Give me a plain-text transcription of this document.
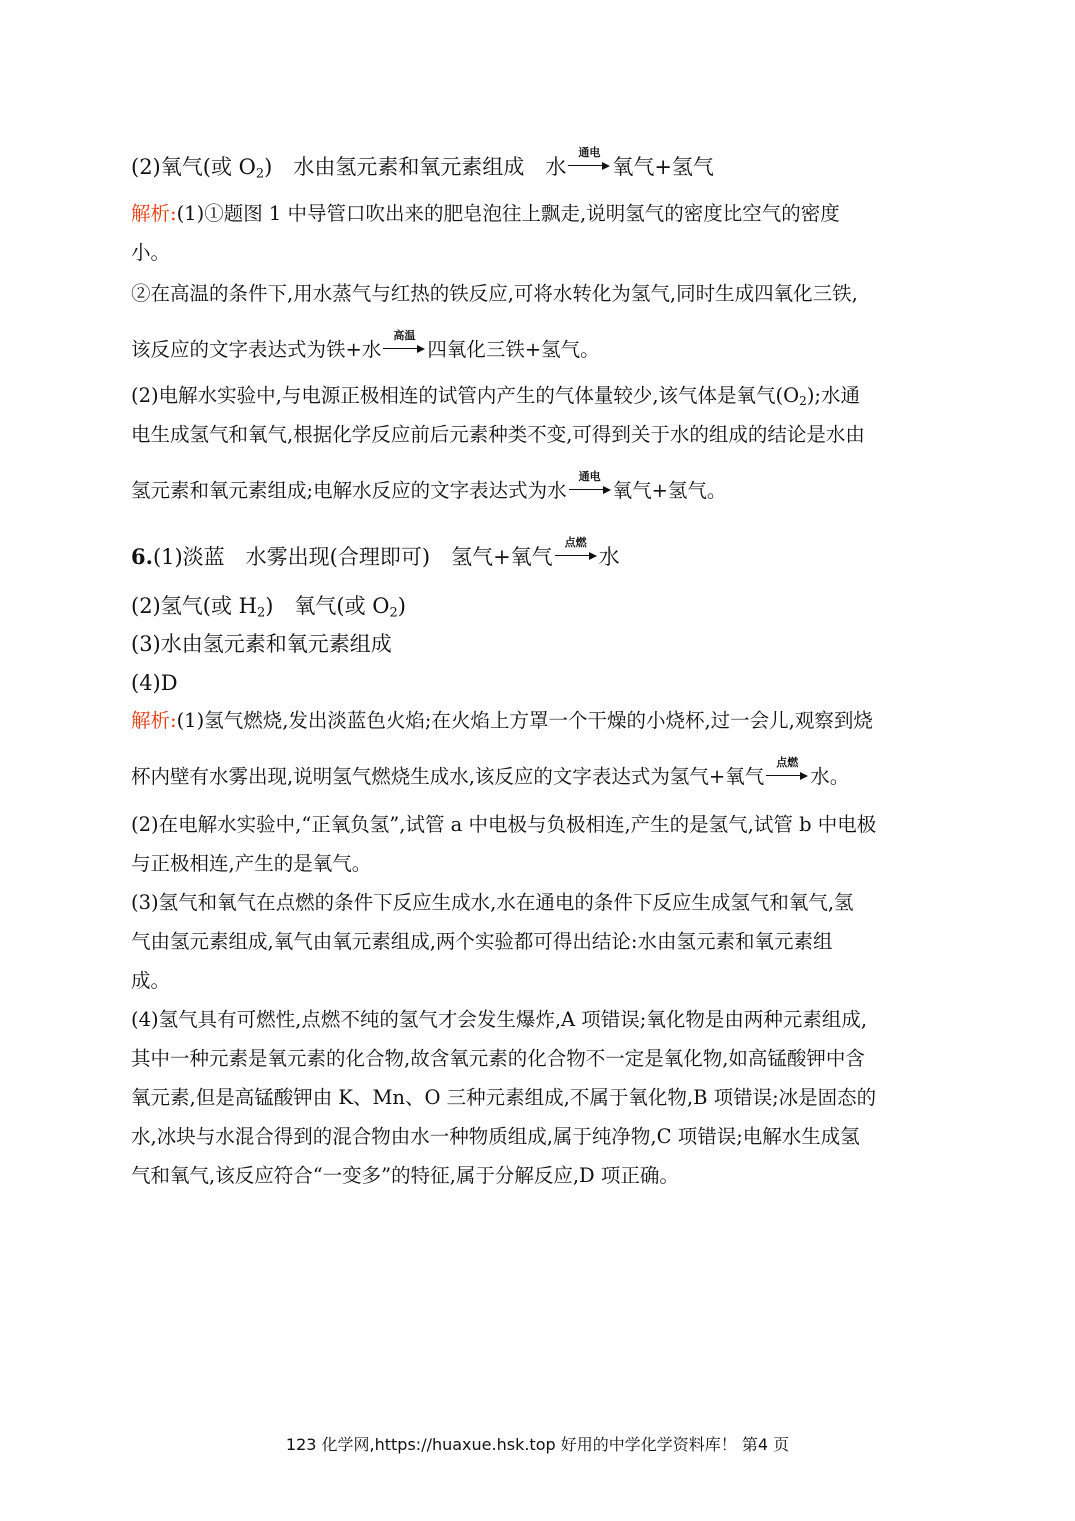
(2)氧气(或 $O_2$)　水由氢元素和氧元素组成　水
通电
氧气+氢气
解析:(1)①题图 1 中导管口吹出来的肥皂泡往上飘走,说明氢气的密度比空气的密度
小。
②在高温的条件下,用水蒸气与红热的铁反应,可将水转化为氢气,同时生成四氧化三铁,
该反应的文字表达式为铁+水
高温
四氧化三铁+氢气。
(2)电解水实验中,与电源正极相连的试管内产生的气体量较少,该气体是氧气$(O_2)$;水通
电生成氢气和氧气,根据化学反应前后元素种类不变,可得到关于水的组成的结论是水由
氢元素和氧元素组成;电解水反应的文字表达式为水
通电
氧气+氢气。
6.(1)淡蓝　水雾出现(合理即可)　氢气+氧气
点燃
水
(2)氢气(或 $H_2$)　氧气(或 $O_2$)
(3)水由氢元素和氧元素组成
(4)D
解析:(1)氢气燃烧,发出淡蓝色火焰;在火焰上方罩一个干燥的小烧杯,过一会儿,观察到烧
杯内壁有水雾出现,说明氢气燃烧生成水,该反应的文字表达式为氢气+氧气
点燃
水。
(2)在电解水实验中,“正氧负氢”,试管 a 中电极与负极相连,产生的是氢气,试管 b 中电极
与正极相连,产生的是氧气。
(3)氢气和氧气在点燃的条件下反应生成水,水在通电的条件下反应生成氢气和氧气,氢
气由氢元素组成,氧气由氧元素组成,两个实验都可得出结论:水由氢元素和氧元素组
成。
(4)氢气具有可燃性,点燃不纯的氢气才会发生爆炸,A 项错误;氧化物是由两种元素组成,
其中一种元素是氧元素的化合物,故含氧元素的化合物不一定是氧化物,如高锰酸钾中含
氧元素,但是高锰酸钾由 K、Mn、O 三种元素组成,不属于氧化物,B 项错误;冰是固态的
水,冰块与水混合得到的混合物由水一种物质组成,属于纯净物,C 项错误;电解水生成氢
气和氧气,该反应符合“一变多”的特征,属于分解反应,D 项正确。
123 化学网,https://huaxue.hsk.top 好用的中学化学资料库！ 第4 页
